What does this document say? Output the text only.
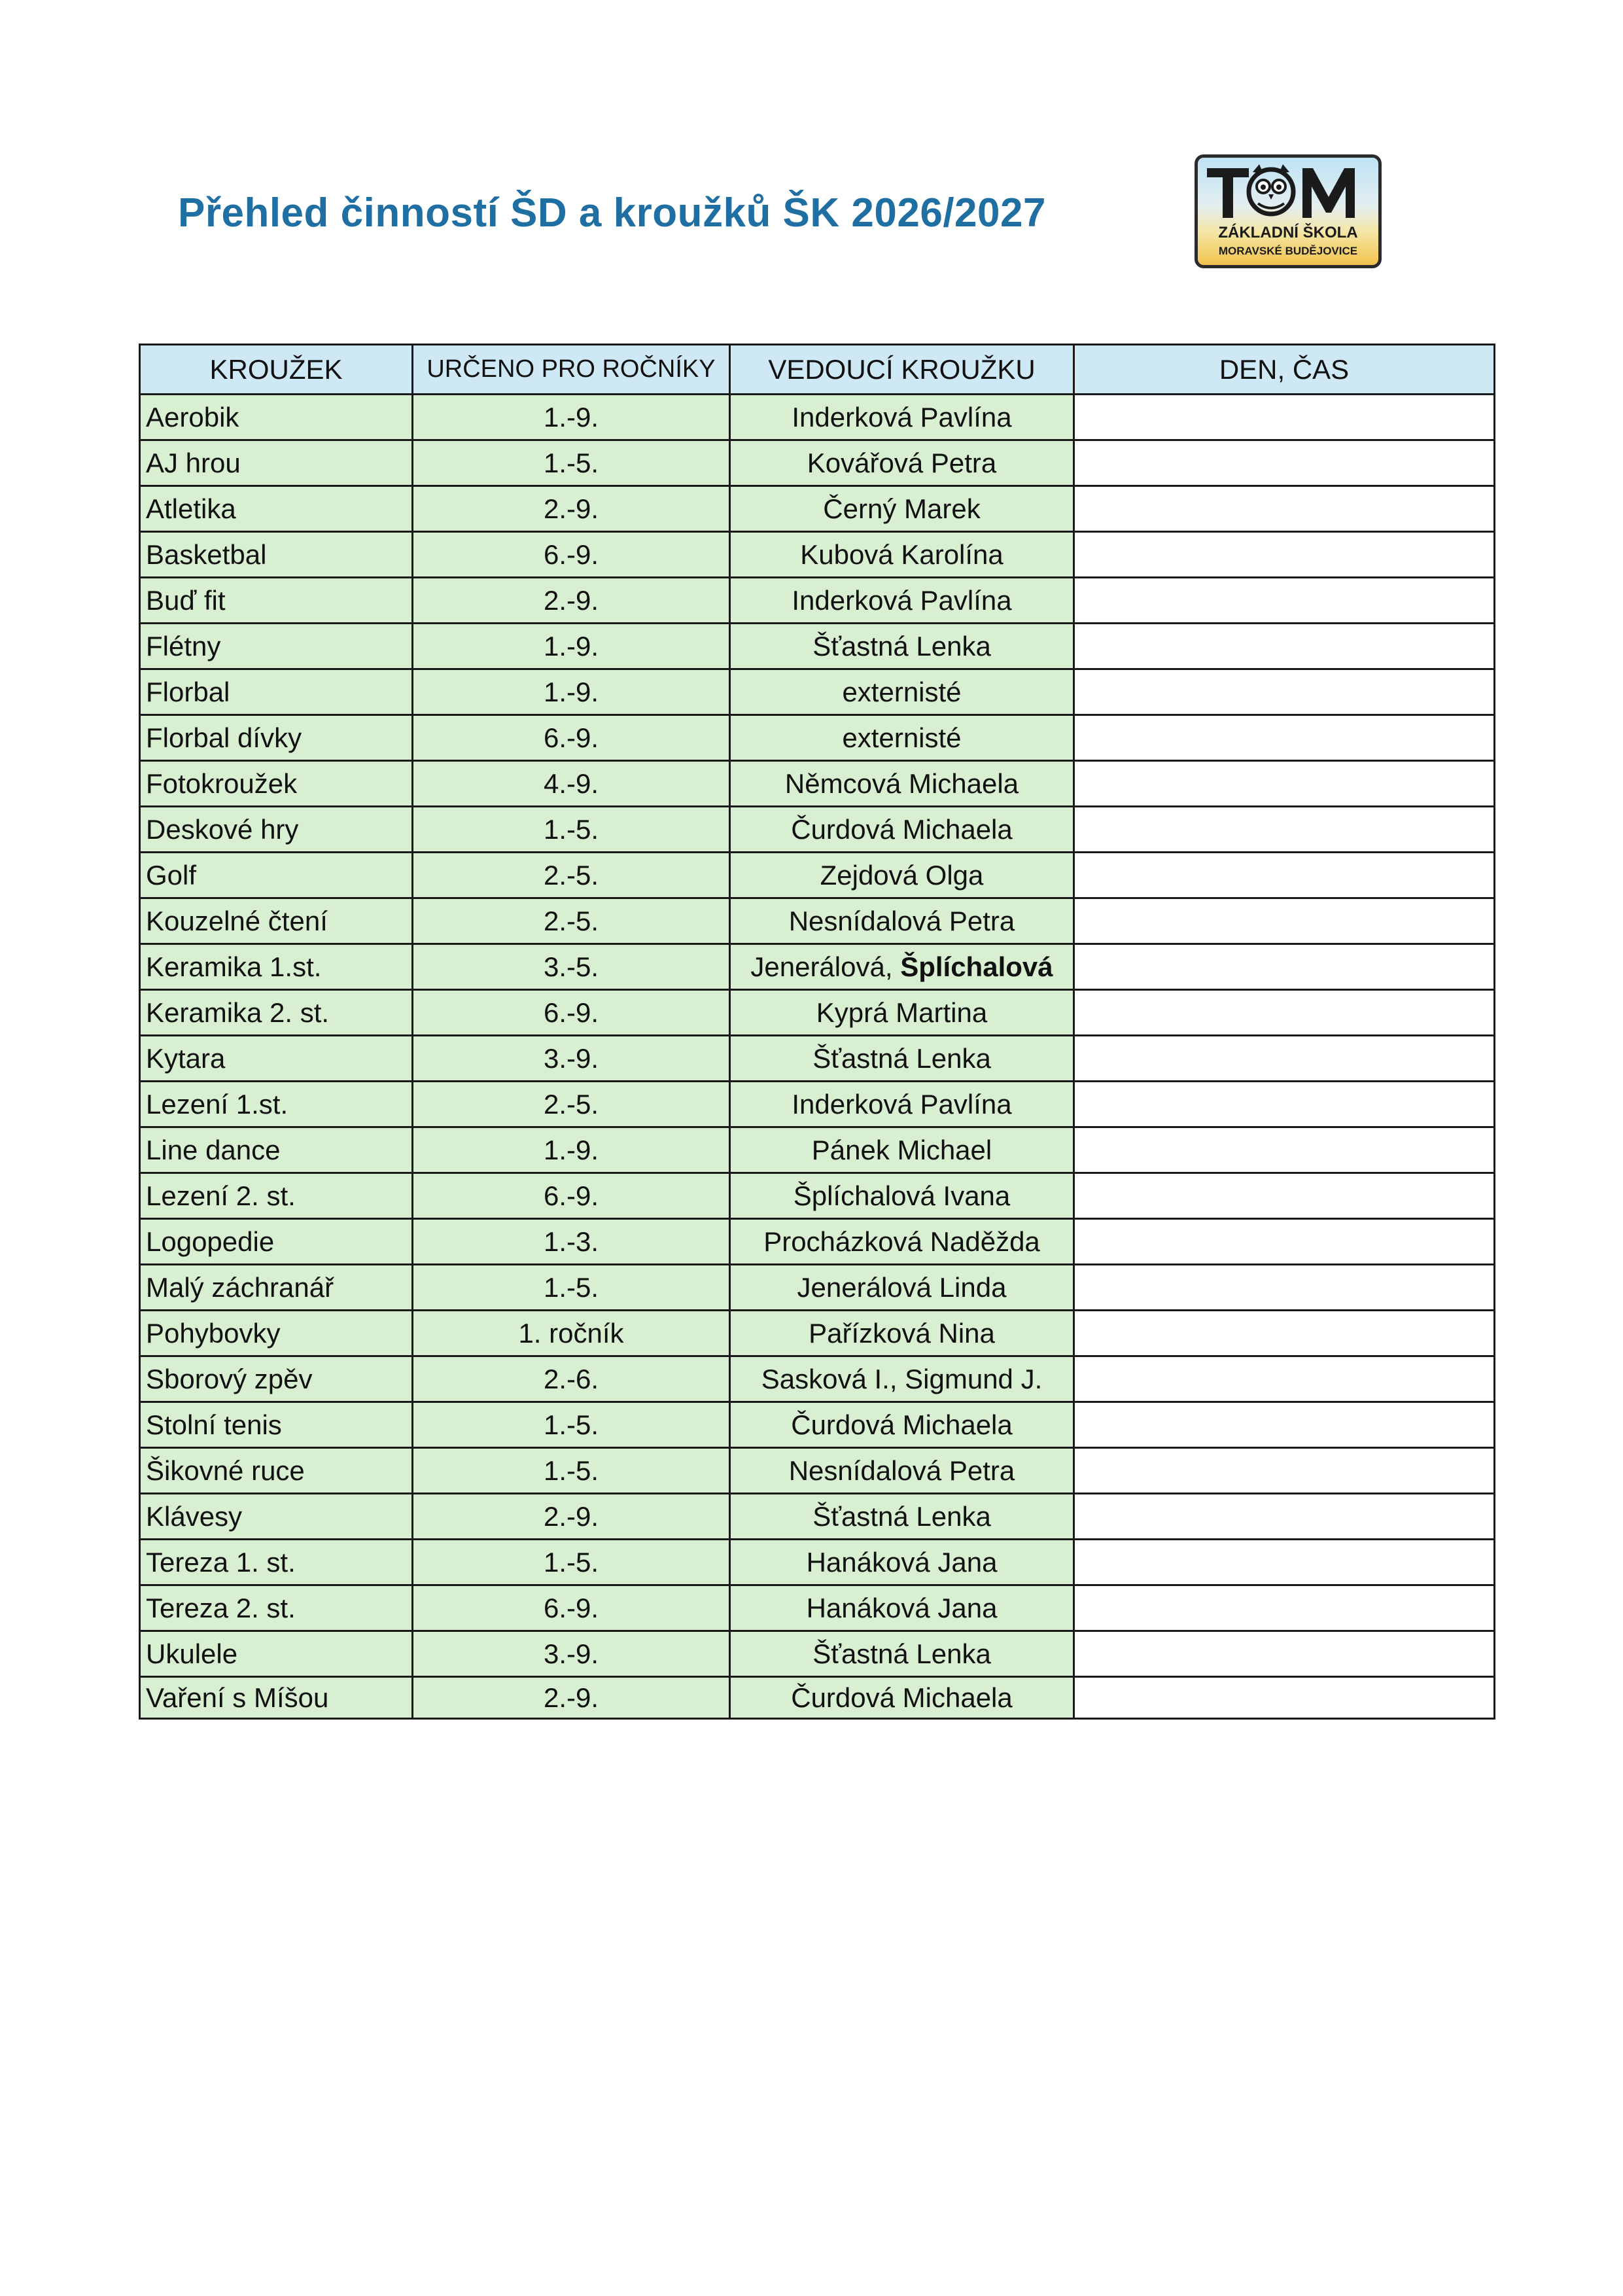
Přehled činností ŠD a kroužků ŠK 2026/2027	ZÁKLADNÍ ŠKOLA
MORAVSKÉ BUDĚJOVICE
KROUŽEK	URČENO PRO ROČNÍKY	VEDOUCÍ KROUŽKU	DEN, ČAS
Aerobik	1.-9.	Inderková Pavlína	
AJ hrou	1.-5.	Kovářová Petra	
Atletika	2.-9.	Černý Marek	
Basketbal	6.-9.	Kubová Karolína	
Buď fit	2.-9.	Inderková Pavlína	
Flétny	1.-9.	Šťastná Lenka	
Florbal	1.-9.	externisté	
Florbal dívky	6.-9.	externisté	
Fotokroužek	4.-9.	Němcová Michaela	
Deskové hry	1.-5.	Čurdová Michaela	
Golf	2.-5.	Zejdová Olga	
Kouzelné čtení	2.-5.	Nesnídalová Petra	
Keramika 1.st.	3.-5.	Jenerálová, Šplíchalová	
Keramika 2. st.	6.-9.	Kyprá Martina	
Kytara	3.-9.	Šťastná Lenka	
Lezení 1.st.	2.-5.	Inderková Pavlína	
Line dance	1.-9.	Pánek Michael	
Lezení 2. st.	6.-9.	Šplíchalová Ivana	
Logopedie	1.-3.	Procházková Naděžda	
Malý záchranář	1.-5.	Jenerálová Linda	
Pohybovky	1. ročník	Pařízková Nina	
Sborový zpěv	2.-6.	Sasková I., Sigmund J.	
Stolní tenis	1.-5.	Čurdová Michaela	
Šikovné ruce	1.-5.	Nesnídalová Petra	
Klávesy	2.-9.	Šťastná Lenka	
Tereza 1. st.	1.-5.	Hanáková Jana	
Tereza 2. st.	6.-9.	Hanáková Jana	
Ukulele	3.-9.	Šťastná Lenka	
Vaření s Míšou	2.-9.	Čurdová Michaela	
